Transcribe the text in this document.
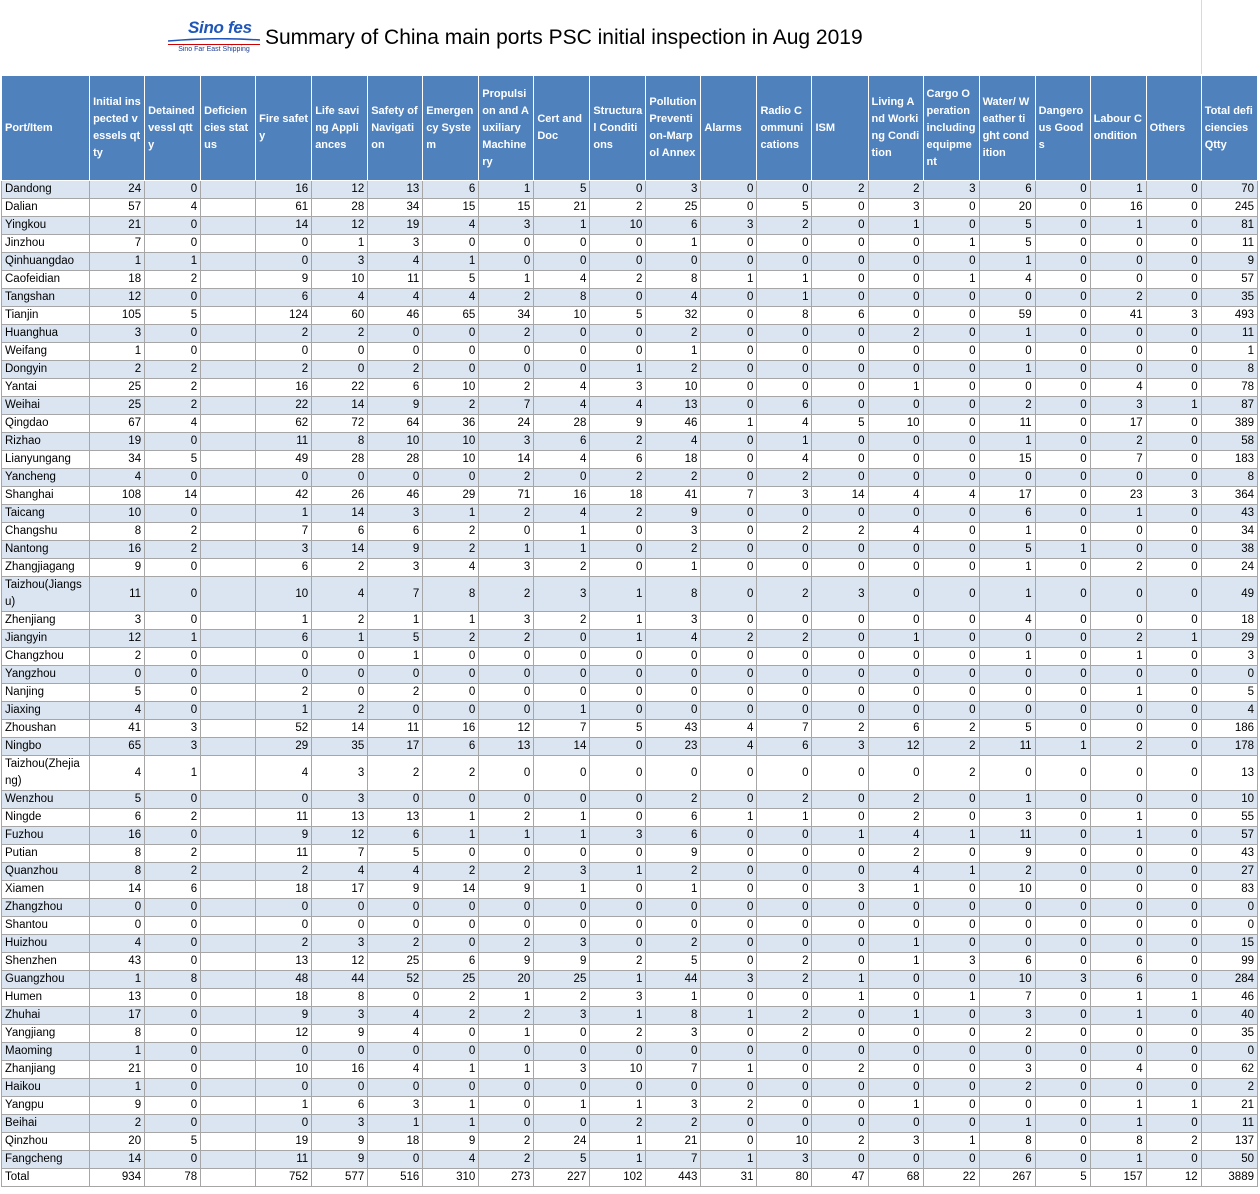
Sino fes
Sino Far East Shipping
Summary of China main ports PSC initial inspection in Aug 2019
Port/Item	Initial inspected vessels qtty	Detained vessl qtty	Deficiencies status	Fire safety	Life saving Appliances	Safety of Navigation	Emergency System	Propulsion and Auxiliary Machinery	Cert and Doc	Structural Conditions	Pollution Prevention-Marpol Annex	Alarms	Radio Communications	ISM	Living And Working Condition	Cargo Operation including equipment	Water/ Weather tight condition	Dangerous Goods	Labour Condition	Others	Total deficiencies Qtty
Dandong	24	0		16	12	13	6	1	5	0	3	0	0	2	2	3	6	0	1	0	70
Dalian	57	4		61	28	34	15	15	21	2	25	0	5	0	3	0	20	0	16	0	245
Yingkou	21	0		14	12	19	4	3	1	10	6	3	2	0	1	0	5	0	1	0	81
Jinzhou	7	0		0	1	3	0	0	0	0	1	0	0	0	0	1	5	0	0	0	11
Qinhuangdao	1	1		0	3	4	1	0	0	0	0	0	0	0	0	0	1	0	0	0	9
Caofeidian	18	2		9	10	11	5	1	4	2	8	1	1	0	0	1	4	0	0	0	57
Tangshan	12	0		6	4	4	4	2	8	0	4	0	1	0	0	0	0	0	2	0	35
Tianjin	105	5		124	60	46	65	34	10	5	32	0	8	6	0	0	59	0	41	3	493
Huanghua	3	0		2	2	0	0	2	0	0	2	0	0	0	2	0	1	0	0	0	11
Weifang	1	0		0	0	0	0	0	0	0	1	0	0	0	0	0	0	0	0	0	1
Dongyin	2	2		2	0	2	0	0	0	1	2	0	0	0	0	0	1	0	0	0	8
Yantai	25	2		16	22	6	10	2	4	3	10	0	0	0	1	0	0	0	4	0	78
Weihai	25	2		22	14	9	2	7	4	4	13	0	6	0	0	0	2	0	3	1	87
Qingdao	67	4		62	72	64	36	24	28	9	46	1	4	5	10	0	11	0	17	0	389
Rizhao	19	0		11	8	10	10	3	6	2	4	0	1	0	0	0	1	0	2	0	58
Lianyungang	34	5		49	28	28	10	14	4	6	18	0	4	0	0	0	15	0	7	0	183
Yancheng	4	0		0	0	0	0	2	0	2	2	0	2	0	0	0	0	0	0	0	8
Shanghai	108	14		42	26	46	29	71	16	18	41	7	3	14	4	4	17	0	23	3	364
Taicang	10	0		1	14	3	1	2	4	2	9	0	0	0	0	0	6	0	1	0	43
Changshu	8	2		7	6	6	2	0	1	0	3	0	2	2	4	0	1	0	0	0	34
Nantong	16	2		3	14	9	2	1	1	0	2	0	0	0	0	0	5	1	0	0	38
Zhangjiagang	9	0		6	2	3	4	3	2	0	1	0	0	0	0	0	1	0	2	0	24
Taizhou(Jiangsu)	11	0		10	4	7	8	2	3	1	8	0	2	3	0	0	1	0	0	0	49
Zhenjiang	3	0		1	2	1	1	3	2	1	3	0	0	0	0	0	4	0	0	0	18
Jiangyin	12	1		6	1	5	2	2	0	1	4	2	2	0	1	0	0	0	2	1	29
Changzhou	2	0		0	0	1	0	0	0	0	0	0	0	0	0	0	1	0	1	0	3
Yangzhou	0	0		0	0	0	0	0	0	0	0	0	0	0	0	0	0	0	0	0	0
Nanjing	5	0		2	0	2	0	0	0	0	0	0	0	0	0	0	0	0	1	0	5
Jiaxing	4	0		1	2	0	0	0	1	0	0	0	0	0	0	0	0	0	0	0	4
Zhoushan	41	3		52	14	11	16	12	7	5	43	4	7	2	6	2	5	0	0	0	186
Ningbo	65	3		29	35	17	6	13	14	0	23	4	6	3	12	2	11	1	2	0	178
Taizhou(Zhejiang)	4	1		4	3	2	2	0	0	0	0	0	0	0	0	2	0	0	0	0	13
Wenzhou	5	0		0	3	0	0	0	0	0	2	0	2	0	2	0	1	0	0	0	10
Ningde	6	2		11	13	13	1	2	1	0	6	1	1	0	2	0	3	0	1	0	55
Fuzhou	16	0		9	12	6	1	1	1	3	6	0	0	1	4	1	11	0	1	0	57
Putian	8	2		11	7	5	0	0	0	0	9	0	0	0	2	0	9	0	0	0	43
Quanzhou	8	2		2	4	4	2	2	3	1	2	0	0	0	4	1	2	0	0	0	27
Xiamen	14	6		18	17	9	14	9	1	0	1	0	0	3	1	0	10	0	0	0	83
Zhangzhou	0	0		0	0	0	0	0	0	0	0	0	0	0	0	0	0	0	0	0	0
Shantou	0	0		0	0	0	0	0	0	0	0	0	0	0	0	0	0	0	0	0	0
Huizhou	4	0		2	3	2	0	2	3	0	2	0	0	0	1	0	0	0	0	0	15
Shenzhen	43	0		13	12	25	6	9	9	2	5	0	2	0	1	3	6	0	6	0	99
Guangzhou	1	8		48	44	52	25	20	25	1	44	3	2	1	0	0	10	3	6	0	284
Humen	13	0		18	8	0	2	1	2	3	1	0	0	1	0	1	7	0	1	1	46
Zhuhai	17	0		9	3	4	2	2	3	1	8	1	2	0	1	0	3	0	1	0	40
Yangjiang	8	0		12	9	4	0	1	0	2	3	0	2	0	0	0	2	0	0	0	35
Maoming	1	0		0	0	0	0	0	0	0	0	0	0	0	0	0	0	0	0	0	0
Zhanjiang	21	0		10	16	4	1	1	3	10	7	1	0	2	0	0	3	0	4	0	62
Haikou	1	0		0	0	0	0	0	0	0	0	0	0	0	0	0	2	0	0	0	2
Yangpu	9	0		1	6	3	1	0	1	1	3	2	0	0	1	0	0	0	1	1	21
Beihai	2	0		0	3	1	1	0	0	2	2	0	0	0	0	0	1	0	1	0	11
Qinzhou	20	5		19	9	18	9	2	24	1	21	0	10	2	3	1	8	0	8	2	137
Fangcheng	14	0		11	9	0	4	2	5	1	7	1	3	0	0	0	6	0	1	0	50
Total	934	78		752	577	516	310	273	227	102	443	31	80	47	68	22	267	5	157	12	3889
